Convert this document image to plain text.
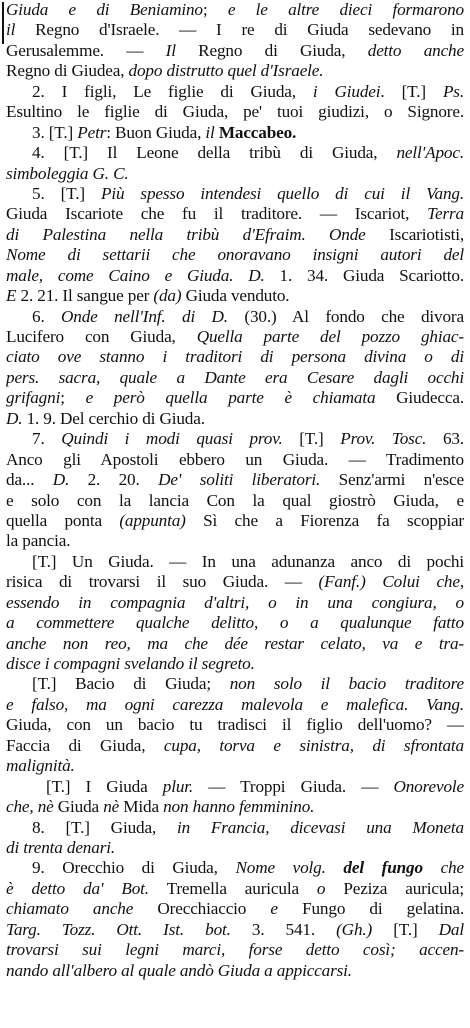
Giuda e di Beniamino; e le altre dieci formarono
il Regno d'Israele. — I re di Giuda sedevano in
Gerusalemme. — Il Regno di Giuda, detto anche
Regno di Giudea, dopo distrutto quel d'Israele.
2. I figli, Le figlie di Giuda, i Giudei. [T.] Ps.
Esultino le figlie di Giuda, pe' tuoi giudizi, o Signore.
3. [T.] Petr: Buon Giuda, il Maccabeo.
4. [T.] Il Leone della tribù di Giuda, nell'Apoc.
simboleggia G. C.
5. [T.] Più spesso intendesi quello di cui il Vang.
Giuda Iscariote che fu il traditore. — Iscariot, Terra
di Palestina nella tribù d'Efraim. Onde Iscariotisti,
Nome di settarii che onoravano insigni autori del
male, come Caino e Giuda. D. 1. 34. Giuda Scariotto.
E 2. 21. Il sangue per (da) Giuda venduto.
6. Onde nell'Inf. di D. (30.) Al fondo che divora
Lucifero con Giuda, Quella parte del pozzo ghiac-
ciato ove stanno i traditori di persona divina o di
pers. sacra, quale a Dante era Cesare dagli occhi
grifagni; e però quella parte è chiamata Giudecca.
D. 1. 9. Del cerchio di Giuda.
7. Quindi i modi quasi prov. [T.] Prov. Tosc. 63.
Anco gli Apostoli ebbero un Giuda. — Tradimento
da... D. 2. 20. De' soliti liberatori. Senz'armi n'esce
e solo con la lancia Con la qual giostrò Giuda, e
quella ponta (appunta) Sì che a Fiorenza fa scoppiar
la pancia.
[T.] Un Giuda. — In una adunanza anco di pochi
risica di trovarsi il suo Giuda. — (Fanf.) Colui che,
essendo in compagnia d'altri, o in una congiura, o
a commettere qualche delitto, o a qualunque fatto
anche non reo, ma che dée restar celato, va e tra-
disce i compagni svelando il segreto.
[T.] Bacio di Giuda; non solo il bacio traditore
e falso, ma ogni carezza malevola e malefica. Vang.
Giuda, con un bacio tu tradisci il figlio dell'uomo? —
Faccia di Giuda, cupa, torva e sinistra, di sfrontata
malignità.
[T.] I Giuda plur. — Troppi Giuda. — Onorevole
che, nè Giuda nè Mida non hanno femminino.
8. [T.] Giuda, in Francia, dicevasi una Moneta
di trenta denari.
9. Orecchio di Giuda, Nome volg. del fungo che
è detto da' Bot. Tremella auricula o Peziza auricula;
chiamato anche Orecchiaccio e Fungo di gelatina.
Targ. Tozz. Ott. Ist. bot. 3. 541. (Gh.) [T.] Dal
trovarsi sui legni marci, forse detto così; accen-
nando all'albero al quale andò Giuda a appiccarsi.
